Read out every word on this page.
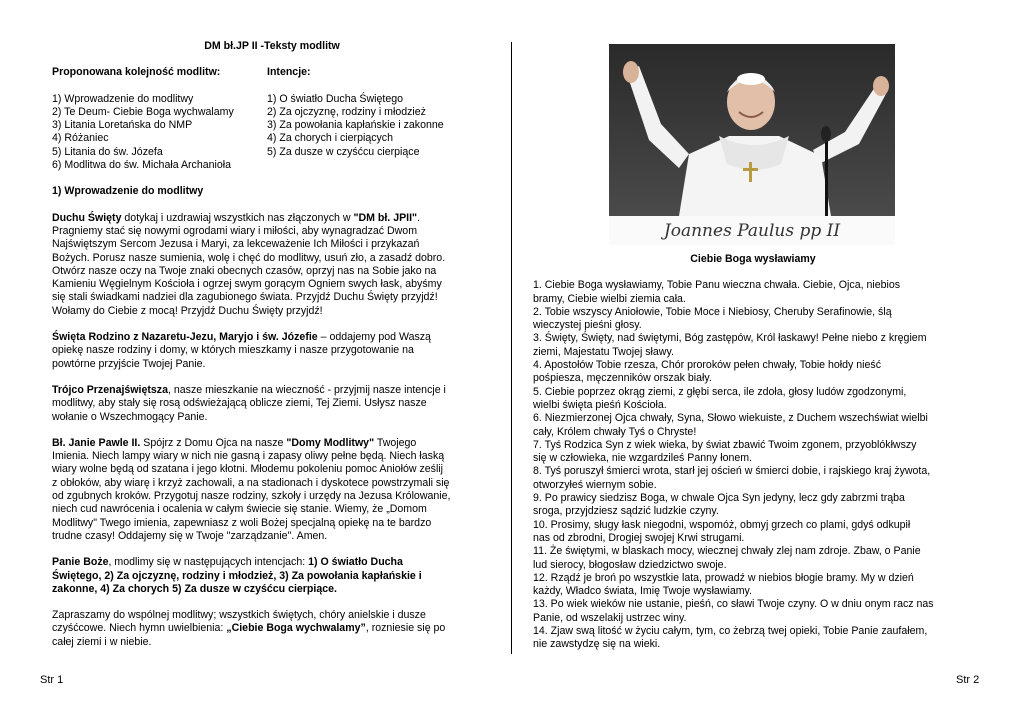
DM bł.JP II -Teksty modlitw

Proponowana kolejność modlitw:

1) Wprowadzenie do modlitwy

2) Te Deum- Ciebie Boga wychwalamy

3) Litania Loretańska do NMP

4) Różaniec

5) Litania do św. Józefa

6) Modlitwa do św. Michała Archanioła

Intencje:

1) O światło Ducha Świętego

2) Za ojczyznę, rodziny i młodzież

3) Za powołania kapłańskie i zakonne

4) Za chorych i cierpiących

5) Za dusze w czyśćcu cierpiące

1) Wprowadzenie do modlitwy

Duchu Święty dotykaj i uzdrawiaj wszystkich nas złączonych w "DM bł. JPII".

Pragniemy stać się nowymi ogrodami wiary i miłości, aby wynagradzać Dwom

Najświętszym Sercom Jezusa i Maryi, za lekceważenie Ich Miłości i przykazań

Bożych. Porusz nasze sumienia, wolę i chęć do modlitwy, usuń zło, a zasadź dobro.

Otwórz nasze oczy na Twoje znaki obecnych czasów, oprzyj nas na Sobie jako na

Kamieniu Węgielnym Kościoła i ogrzej swym gorącym Ogniem swych łask, abyśmy

się stali świadkami nadziei dla zagubionego świata. Przyjdź Duchu Święty przyjdź!

Wołamy do Ciebie z mocą! Przyjdź Duchu Święty przyjdź!

Święta Rodzino z Nazaretu-Jezu, Maryjo i św. Józefie – oddajemy pod Waszą

opiekę nasze rodziny i domy, w których mieszkamy i nasze przygotowanie na

powtórne przyjście Twojej Panie.

Trójco Przenajświętsza, nasze mieszkanie na wieczność - przyjmij nasze intencje i

modlitwy, aby stały się rosą odświeżającą oblicze ziemi, Tej Ziemi. Usłysz nasze

wołanie o Wszechmogący Panie.

Bł. Janie Pawle II. Spójrz z Domu Ojca na nasze "Domy Modlitwy" Twojego

Imienia. Niech lampy wiary w nich nie gasną i zapasy oliwy pełne będą. Niech łaską

wiary wolne będą od szatana i jego kłotni. Młodemu pokoleniu pomoc Aniołów ześlij

z obłoków, aby wiarę i krzyż zachowali, a na stadionach i dyskotece powstrzymali się

od zgubnych kroków. Przygotuj nasze rodziny, szkoły i urzędy na Jezusa Królowanie,

niech cud nawrócenia i ocalenia w całym świecie się stanie. Wiemy, że „Domom

Modlitwy" Twego imienia, zapewniasz z woli Bożej specjalną opiekę na te bardzo

trudne czasy! Oddajemy się w Twoje "zarządzanie". Amen.

Panie Boże, modlimy się w następujących intencjach: 1) O światło Ducha

Świętego, 2) Za ojczyznę, rodziny i młodzież, 3) Za powołania kapłańskie i

zakonne, 4) Za chorych 5) Za dusze w czyśćcu cierpiące.

Zapraszamy do wspólnej modlitwy; wszystkich świętych, chóry anielskie i dusze

czyśćcowe. Niech hymn uwielbienia: „Ciebie Boga wychwalamy”, rozniesie się po

całej ziemi i w niebie.

Joannes Paulus pp II

Ciebie Boga wysławiamy

1. Ciebie Boga wysławiamy, Tobie Panu wieczna chwała. Ciebie, Ojca, niebios

bramy, Ciebie wielbi ziemia cała.

2. Tobie wszyscy Aniołowie, Tobie Moce i Niebiosy, Cheruby Serafinowie, ślą

wieczystej pieśni głosy.

3. Święty, Święty, nad świętymi, Bóg zastępów, Król łaskawy! Pełne niebo z kręgiem

ziemi, Majestatu Twojej sławy.

4. Apostołów Tobie rzesza, Chór proroków pełen chwały, Tobie hołdy nieść

pośpiesza, męczenników orszak biały.

5. Ciebie poprzez okrąg ziemi, z głębi serca, ile zdoła, głosy ludów zgodzonymi,

wielbi święta pieśń Kościoła.

6. Niezmierzonej Ojca chwały, Syna, Słowo wiekuiste, z Duchem wszechświat wielbi

cały, Królem chwały Tyś o Chryste!

7. Tyś Rodzica Syn z wiek wieka, by świat zbawić Twoim zgonem, przyoblókłwszy

się w człowieka, nie wzgardzileś Panny łonem.

8. Tyś poruszył śmierci wrota, starł jej oścień w śmierci dobie, i rajskiego kraj żywota,

otworzyłeś wiernym sobie.

9. Po prawicy siedzisz Boga, w chwale Ojca Syn jedyny, lecz gdy zabrzmi trąba

sroga, przyjdziesz sądzić ludzkie czyny.

10. Prosimy, sługy łask niegodni, wspomóż, obmyj grzech co plami, gdyś odkupił

nas od zbrodni, Drogiej swojej Krwi strugami.

11. Że świętymi, w blaskach mocy, wiecznej chwały zlej nam zdroje. Zbaw, o Panie

lud sierocy, błogosław dziedzictwo swoje.

12. Rządź je broń po wszystkie lata, prowadź w niebios błogie bramy. My w dzień

każdy, Władco świata, Imię Twoje wysławiamy.

13. Po wiek wieków nie ustanie, pieśń, co sławi Twoje czyny. O w dniu onym racz nas

Panie, od wszelakij ustrzec winy.

14. Zjaw swą litość w życiu całym, tym, co żebrzą twej opieki, Tobie Panie zaufałem,

nie zawstydzę się na wieki.

Str 1	Str 2
